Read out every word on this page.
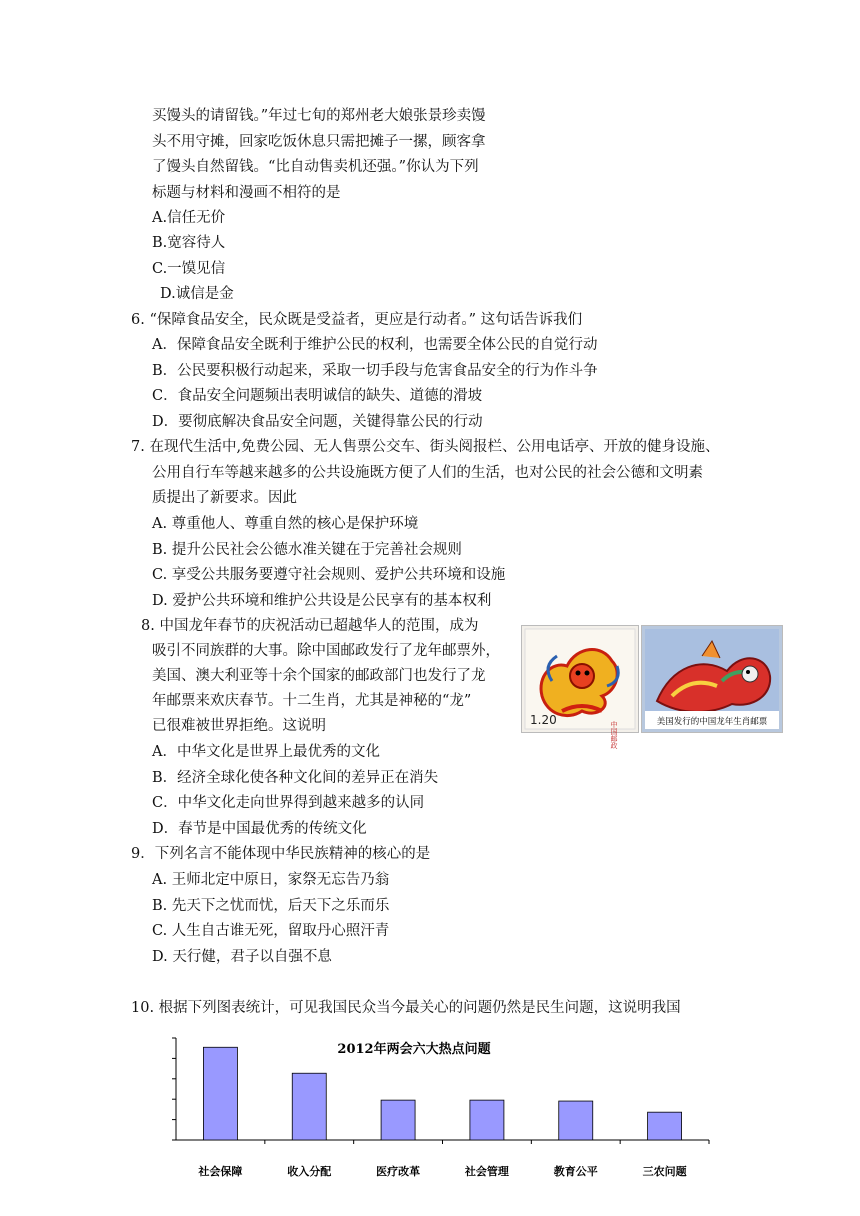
买馒头的请留钱。”年过七旬的郑州老大娘张景珍卖馒
头不用守摊，回家吃饭休息只需把摊子一摞，顾客拿
了馒头自然留钱。“比自动售卖机还强。”你认为下列
标题与材料和漫画不相符的是
A.信任无价
B.宽容待人
C.一馍见信
D.诚信是金
6. “保障食品安全，民众既是受益者，更应是行动者。” 这句话告诉我们
A．保障食品安全既利于维护公民的权利，也需要全体公民的自觉行动
B．公民要积极行动起来，采取一切手段与危害食品安全的行为作斗争
C．食品安全问题频出表明诚信的缺失、道德的滑坡
D．要彻底解决食品安全问题，关键得靠公民的行动
7. 在现代生活中,免费公园、无人售票公交车、街头阅报栏、公用电话亭、开放的健身设施、
公用自行车等越来越多的公共设施既方便了人们的生活，也对公民的社会公德和文明素
质提出了新要求。因此
A. 尊重他人、尊重自然的核心是保护环境
B. 提升公民社会公德水准关键在于完善社会规则
C. 享受公共服务要遵守社会规则、爱护公共环境和设施
D. 爱护公共环境和维护公共设是公民享有的基本权利
8. 中国龙年春节的庆祝活动已超越华人的范围，成为
吸引不同族群的大事。除中国邮政发行了龙年邮票外，
美国、澳大利亚等十余个国家的邮政部门也发行了龙
年邮票来欢庆春节。十二生肖，尤其是神秘的“龙”
已很难被世界拒绝。这说明
A．中华文化是世界上最优秀的文化
B．经济全球化使各种文化间的差异正在消失
C．中华文化走向世界得到越来越多的认同
D．春节是中国最优秀的传统文化
1.20
中国邮政	美国发行的中国龙年生肖邮票
9．下列名言不能体现中华民族精神的核心的是
A. 王师北定中原日，家祭无忘告乃翁
B. 先天下之忧而忧，后天下之乐而乐
C. 人生自古谁无死，留取丹心照汗青
D. 天行健，君子以自强不息
10. 根据下列图表统计，可见我国民众当今最关心的问题仍然是民生问题，这说明我国
社会保障	收入分配	医疗改革	社会管理	教育公平	三农问题
2012年两会六大热点问题
